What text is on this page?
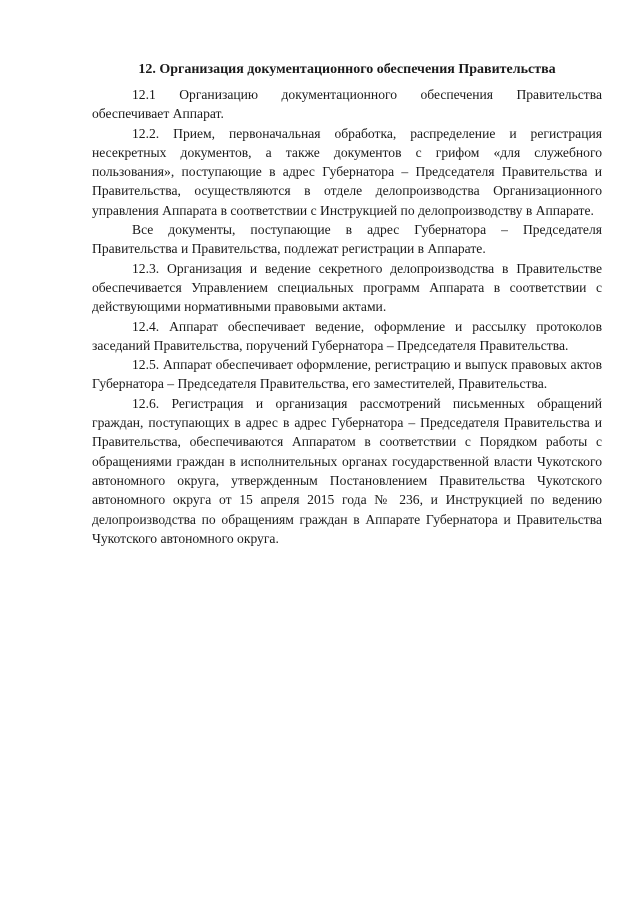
12. Организация документационного обеспечения Правительства

12.1 Организацию документационного обеспечения Правительства обеспечивает Аппарат.

12.2. Прием, первоначальная обработка, распределение и регистрация несекретных документов, а также документов с грифом «для служебного пользования», поступающие в адрес Губернатора – Председателя Правительства и Правительства, осуществляются в отделе делопроизводства Организационного управления Аппарата в соответствии с Инструкцией по делопроизводству в Аппарате.

Все документы, поступающие в адрес Губернатора – Председателя Правительства и Правительства, подлежат регистрации в Аппарате.

12.3. Организация и ведение секретного делопроизводства в Правительстве обеспечивается Управлением специальных программ Аппарата в соответствии с действующими нормативными правовыми актами.

12.4. Аппарат обеспечивает ведение, оформление и рассылку протоколов заседаний Правительства, поручений Губернатора – Председателя Правительства.

12.5. Аппарат обеспечивает оформление, регистрацию и выпуск правовых актов Губернатора – Председателя Правительства, его заместителей, Правительства.

12.6. Регистрация и организация рассмотрений письменных обращений граждан, поступающих в адрес в адрес Губернатора – Председателя Правительства и Правительства, обеспечиваются Аппаратом в соответствии с Порядком работы с обращениями граждан в исполнительных органах государственной власти Чукотского автономного округа, утвержденным Постановлением Правительства Чукотского автономного округа от 15 апреля 2015 года № 236, и Инструкцией по ведению делопроизводства по обращениям граждан в Аппарате Губернатора и Правительства Чукотского автономного округа.
